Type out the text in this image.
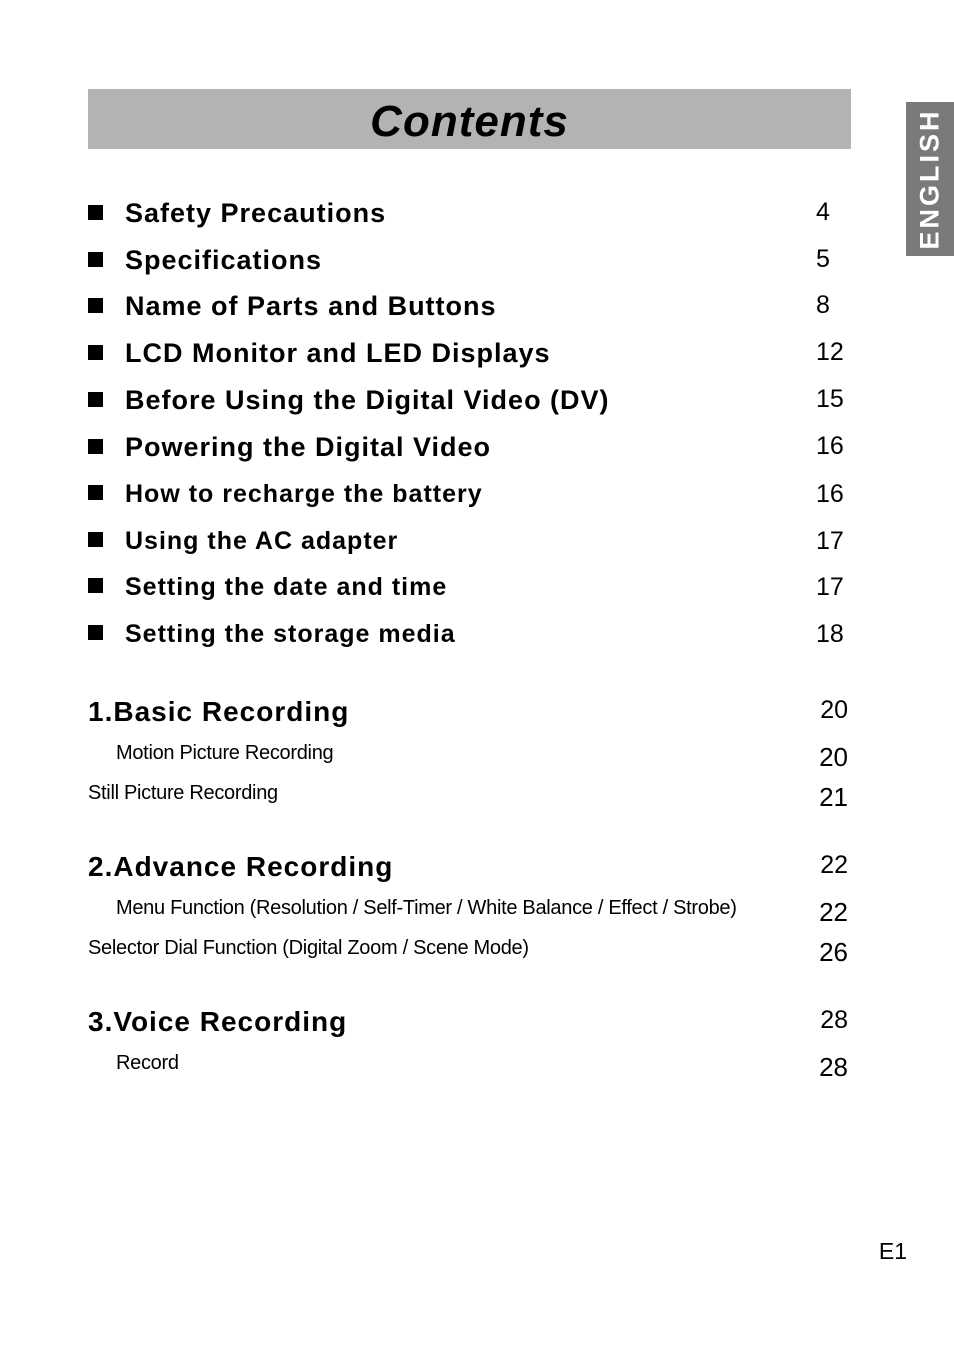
Contents	ENGLISH
Safety Precautions	4
Specifications	5
Name of Parts and Buttons	8
LCD Monitor and LED Displays	12
Before Using the Digital Video (DV)	15
Powering the Digital Video	16
How to recharge the battery	16
Using the AC adapter	17
Setting the date and time	17
Setting the storage media	18
1.Basic Recording	20
Motion Picture Recording	20
Still Picture Recording	21
2.Advance Recording	22
Menu Function (Resolution / Self-Timer / White Balance / Effect / Strobe)	22
Selector Dial Function (Digital Zoom / Scene Mode)	26
3.Voice Recording	28
Record	28
E1
